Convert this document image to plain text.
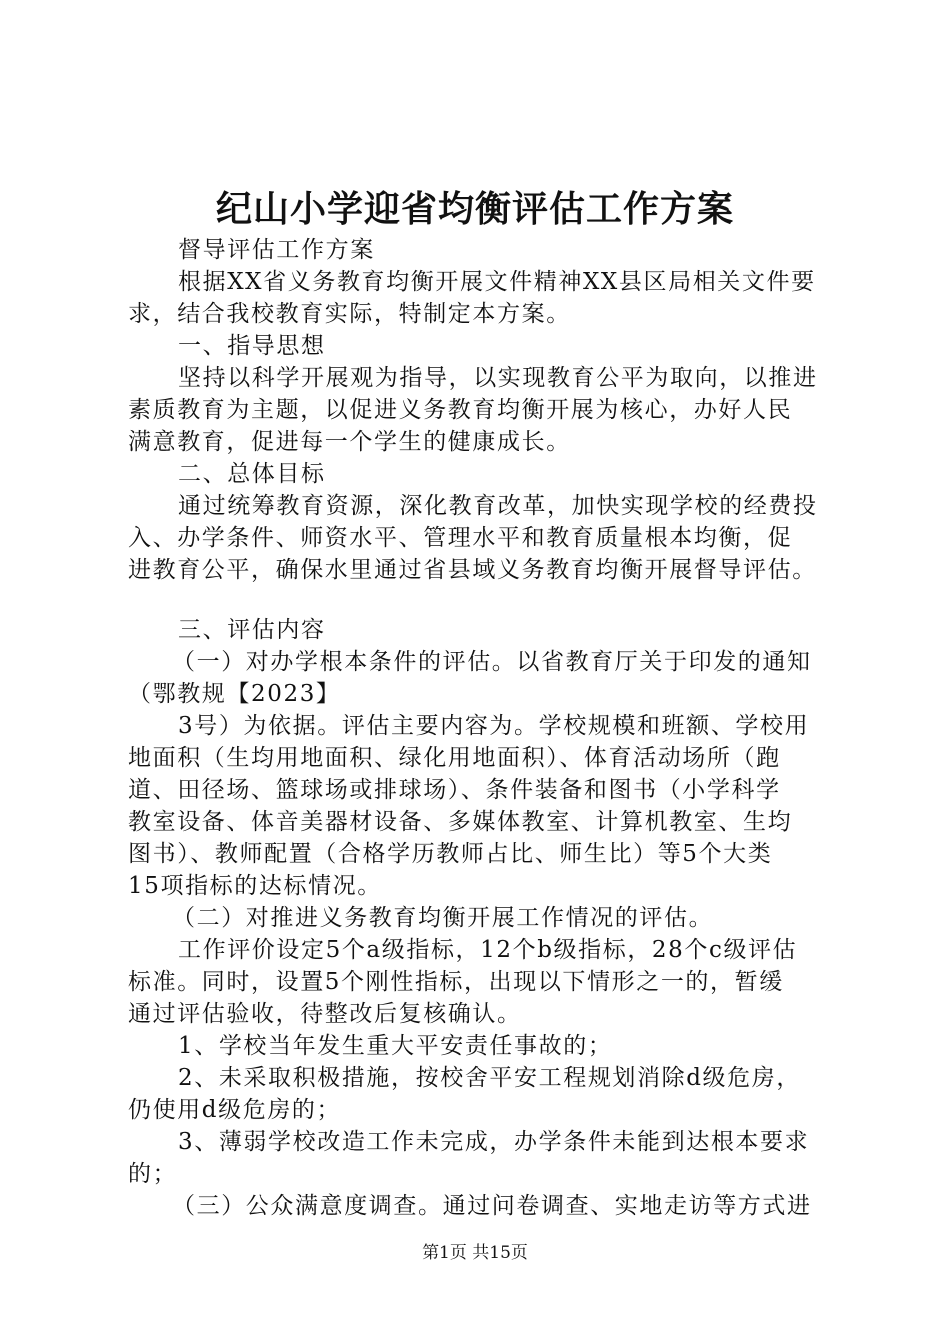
纪山小学迎省均衡评估工作方案
督导评估工作方案
根据XX省义务教育均衡开展文件精神XX县区局相关文件要
求，结合我校教育实际，特制定本方案。
一、指导思想
坚持以科学开展观为指导，以实现教育公平为取向，以推进
素质教育为主题，以促进义务教育均衡开展为核心，办好人民
满意教育，促进每一个学生的健康成长。
二、总体目标
通过统筹教育资源，深化教育改革，加快实现学校的经费投
入、办学条件、师资水平、管理水平和教育质量根本均衡，促
进教育公平，确保水里通过省县域义务教育均衡开展督导评估。
三、评估内容
（一）对办学根本条件的评估。以省教育厅关于印发的通知
（鄂教规【2023】
3号）为依据。评估主要内容为。学校规模和班额、学校用
地面积（生均用地面积、绿化用地面积）、体育活动场所（跑
道、田径场、篮球场或排球场）、条件装备和图书（小学科学
教室设备、体音美器材设备、多媒体教室、计算机教室、生均
图书）、教师配置（合格学历教师占比、师生比）等5个大类
15项指标的达标情况。
（二）对推进义务教育均衡开展工作情况的评估。
工作评价设定5个a级指标，12个b级指标，28个c级评估
标准。同时，设置5个刚性指标，出现以下情形之一的，暂缓
通过评估验收，待整改后复核确认。
1、学校当年发生重大平安责任事故的；
2、未采取积极措施，按校舍平安工程规划消除d级危房，
仍使用d级危房的；
3、薄弱学校改造工作未完成，办学条件未能到达根本要求
的；
（三）公众满意度调查。通过问卷调查、实地走访等方式进
第1页 共15页
